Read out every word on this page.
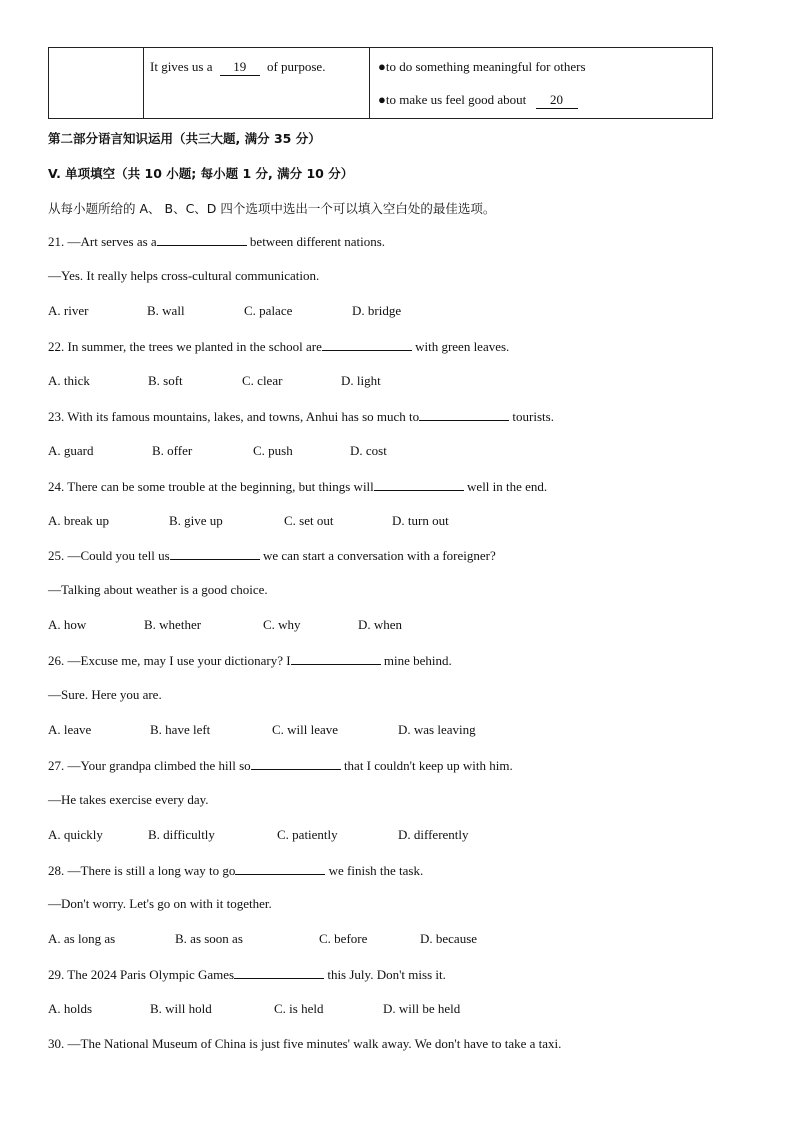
It gives us a 19 of purpose.	●to do something meaningful for others
●to make us feel good about 20
第二部分语言知识运用（共三大题, 满分 35 分）
V. 单项填空（共 10 小题; 每小题 1 分, 满分 10 分）
从每小题所给的 A、 B、C、D 四个选项中选出一个可以填入空白处的最佳选项。
21. —Art serves as a	between different nations.
—Yes. It really helps cross-cultural communication.
A. river	B. wall	C. palace	D. bridge
22. In summer, the trees we planted in the school are	with green leaves.
A. thick	B. soft	C. clear	D. light
23. With its famous mountains, lakes, and towns, Anhui has so much to	tourists.
A. guard	B. offer	C. push	D. cost
24. There can be some trouble at the beginning, but things will	well in the end.
A. break up	B. give up	C. set out	D. turn out
25. —Could you tell us	we can start a conversation with a foreigner?
—Talking about weather is a good choice.
A. how	B. whether	C. why	D. when
26. —Excuse me, may I use your dictionary? I	mine behind.
—Sure. Here you are.
A. leave	B. have left	C. will leave	D. was leaving
27. —Your grandpa climbed the hill so	that I couldn't keep up with him.
—He takes exercise every day.
A. quickly	B. difficultly	C. patiently	D. differently
28. —There is still a long way to go	we finish the task.
—Don't worry. Let's go on with it together.
A. as long as	B. as soon as	C. before	D. because
29. The 2024 Paris Olympic Games	this July. Don't miss it.
A. holds	B. will hold	C. is held	D. will be held
30. —The National Museum of China is just five minutes' walk away. We don't have to take a taxi.
